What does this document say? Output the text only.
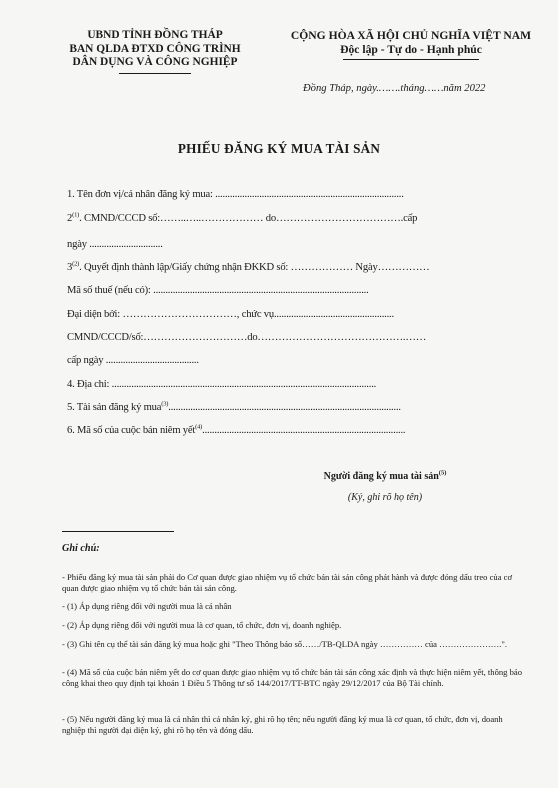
UBND TỈNH ĐỒNG THÁP
BAN QLDA ĐTXD CÔNG TRÌNH
DÂN DỤNG VÀ CÔNG NGHIỆP
CỘNG HÒA XÃ HỘI CHỦ NGHĨA VIỆT NAM
Độc lập - Tự do - Hạnh phúc
Đồng Tháp, ngày.…….tháng……năm 2022
PHIẾU ĐĂNG KÝ MUA TÀI SẢN
1. Tên đơn vị/cá nhân đăng ký mua: .............................................................................
2$^{(1)}$. CMND/CCCD số:……..…..……………… do……………………………….cấp
ngày ..............................
3$^{(2)}$. Quyết định thành lập/Giấy chứng nhận ĐKKD số: ……………… Ngày……………
Mã số thuế (nếu có): ........................................................................................
Đại diện bởi: ……………………………, chức vụ.................................................
CMND/CCCD/số:…………………………do…………………………………….……
cấp ngày ......................................
4. Địa chỉ: ............................................................................................................
5. Tài sản đăng ký mua$^{(3)}$...............................................................................................
6. Mã số của cuộc bán niêm yết$^{(4)}$...................................................................................
Người đăng ký mua tài sản$^{(5)}$
(Ký, ghi rõ họ tên)
Ghi chú:
- Phiếu đăng ký mua tài sản phải do Cơ quan được giao nhiệm vụ tổ chức bán tài sản công phát hành và được đóng dấu treo của cơ quan được giao nhiệm vụ tổ chức bán tài sản công.
- (1) Áp dụng riêng đối với người mua là cá nhân
- (2) Áp dụng riêng đối với người mua là cơ quan, tổ chức, đơn vị, doanh nghiệp.
- (3) Ghi tên cụ thể tài sản đăng ký mua hoặc ghi "Theo Thông báo số……/TB-QLDA ngày …………… của ………………….".
- (4) Mã số của cuộc bán niêm yết do cơ quan được giao nhiệm vụ tổ chức bán tài sản công xác định và thực hiện niêm yết, thông báo công khai theo quy định tại khoản 1 Điều 5 Thông tư số 144/2017/TT-BTC ngày 29/12/2017 của Bộ Tài chính.
- (5) Nếu người đăng ký mua là cá nhân thì cá nhân ký, ghi rõ họ tên; nếu người đăng ký mua là cơ quan, tổ chức, đơn vị, doanh nghiệp thì người đại diện ký, ghi rõ họ tên và đóng dấu.
